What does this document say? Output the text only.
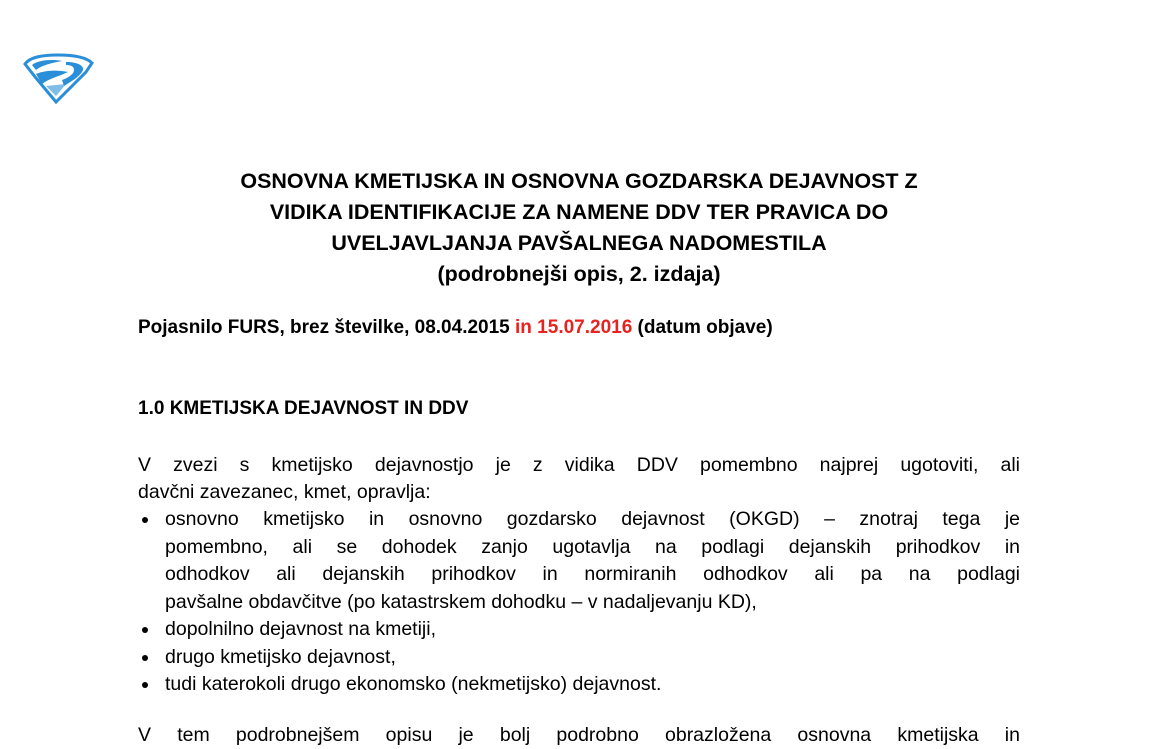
OSNOVNA KMETIJSKA IN OSNOVNA GOZDARSKA DEJAVNOST Z
VIDIKA IDENTIFIKACIJE ZA NAMENE DDV TER PRAVICA DO
UVELJAVLJANJA PAVŠALNEGA NADOMESTILA
(podrobnejši opis, 2. izdaja)
Pojasnilo FURS, brez številke, 08.04.2015 in 15.07.2016 (datum objave)
1.0 KMETIJSKA DEJAVNOST IN DDV
V zvezi s kmetijsko dejavnostjo je z vidika DDV pomembno najprej ugotoviti, ali
davčni zavezanec, kmet, opravlja:
osnovno kmetijsko in osnovno gozdarsko dejavnost (OKGD) – znotraj tega je
pomembno, ali se dohodek zanjo ugotavlja na podlagi dejanskih prihodkov in
odhodkov ali dejanskih prihodkov in normiranih odhodkov ali pa na podlagi
pavšalne obdavčitve (po katastrskem dohodku – v nadaljevanju KD),
dopolnilno dejavnost na kmetiji,
drugo kmetijsko dejavnost,
tudi katerokoli drugo ekonomsko (nekmetijsko) dejavnost.
V tem podrobnejšem opisu je bolj podrobno obrazložena osnovna kmetijska in
